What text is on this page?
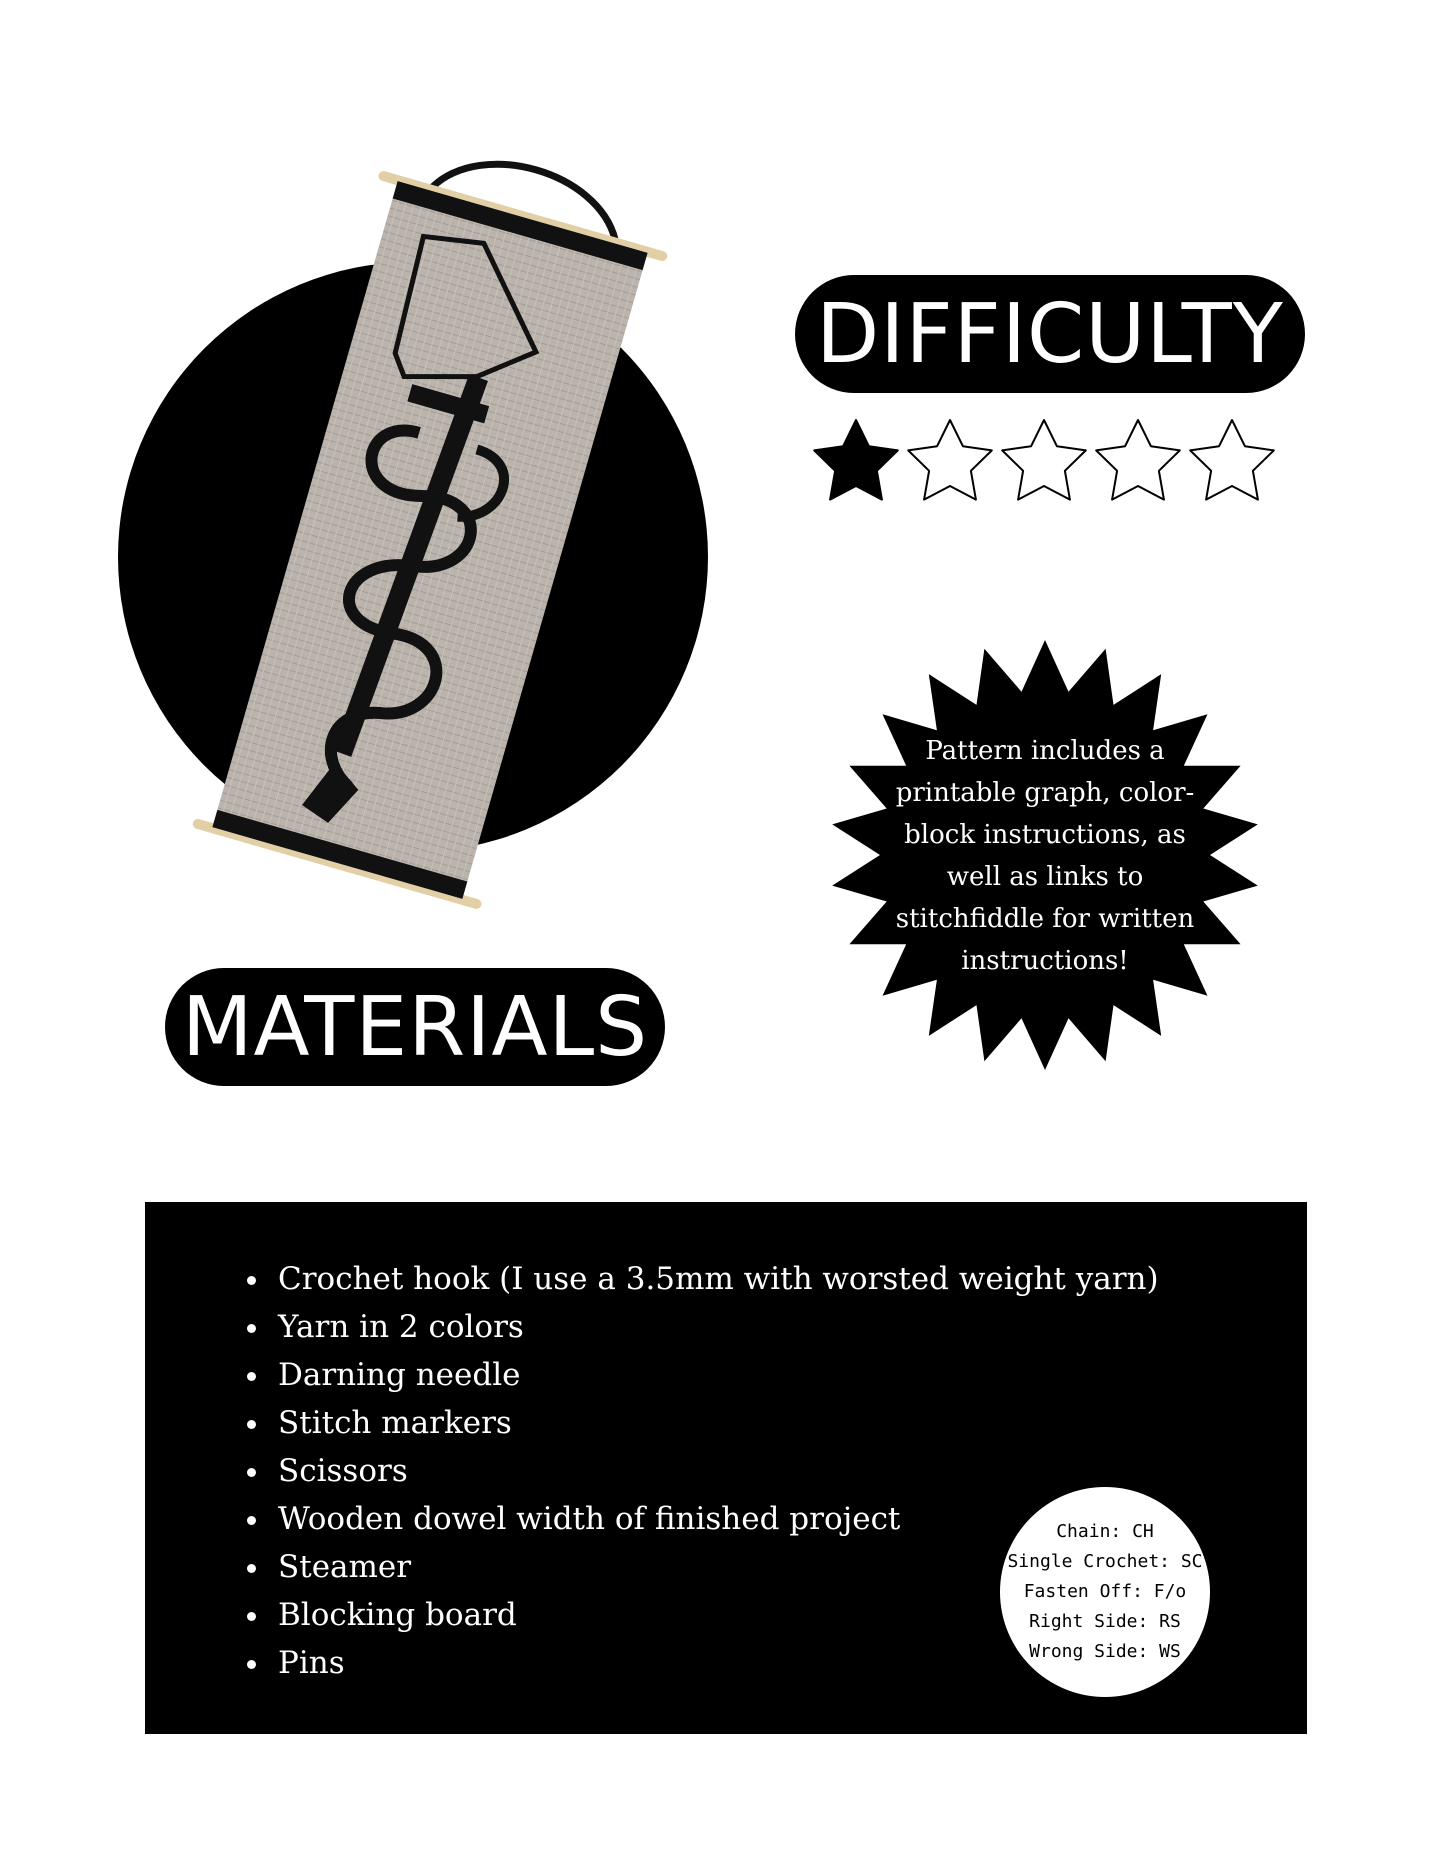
DIFFICULTY
Pattern includes a printable graph, color-block instructions, as well as links to stitchfiddle for written instructions!
MATERIALS
• Crochet hook (I use a 3.5mm with worsted weight yarn)
• Yarn in 2 colors
• Darning needle
• Stitch markers
• Scissors
• Wooden dowel width of finished project
• Steamer
• Blocking board
• Pins
Chain: CH
Single Crochet: SC
Fasten Off: F/o
Right Side: RS
Wrong Side: WS
